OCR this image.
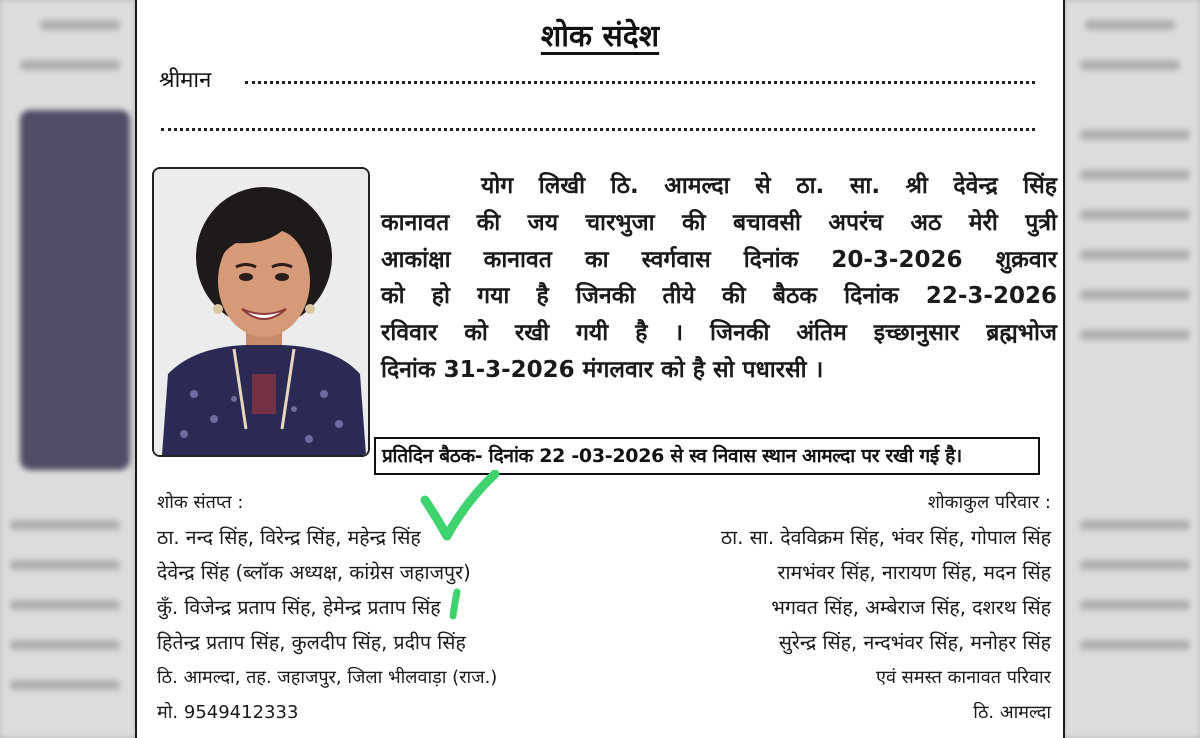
शोक संदेश
श्रीमान
योग लिखी ठि. आमल्दा से ठा. सा. श्री देवेन्द्र सिंह
कानावत की जय चारभुजा की बचावसी अपरंच अठ मेरी पुत्री
आकांक्षा कानावत का स्वर्गवास दिनांक 20-3-2026 शुक्रवार
को हो गया है जिनकी तीये की बैठक दिनांक 22-3-2026
रविवार को रखी गयी है । जिनकी अंतिम इच्छानुसार ब्रह्मभोज
दिनांक 31-3-2026 मंगलवार को है सो पधारसी ।
प्रतिदिन बैठक- दिनांक 22 -03-2026 से स्व निवास स्थान आमल्दा पर रखी गई है।
शोक संतप्त :
ठा. नन्द सिंह, विरेन्द्र सिंह, महेन्द्र सिंह
देवेन्द्र सिंह (ब्लॉक अध्यक्ष, कांग्रेस जहाजपुर)
कुँ. विजेन्द्र प्रताप सिंह, हेमेन्द्र प्रताप सिंह
हितेन्द्र प्रताप सिंह, कुलदीप सिंह, प्रदीप सिंह
ठि. आमल्दा, तह. जहाजपुर, जिला भीलवाड़ा (राज.)
मो. 9549412333
शोकाकुल परिवार :
ठा. सा. देवविक्रम सिंह, भंवर सिंह, गोपाल सिंह
रामभंवर सिंह, नारायण सिंह, मदन सिंह
भगवत सिंह, अम्बेराज सिंह, दशरथ सिंह
सुरेन्द्र सिंह, नन्दभंवर सिंह, मनोहर सिंह
एवं समस्त कानावत परिवार
ठि. आमल्दा
